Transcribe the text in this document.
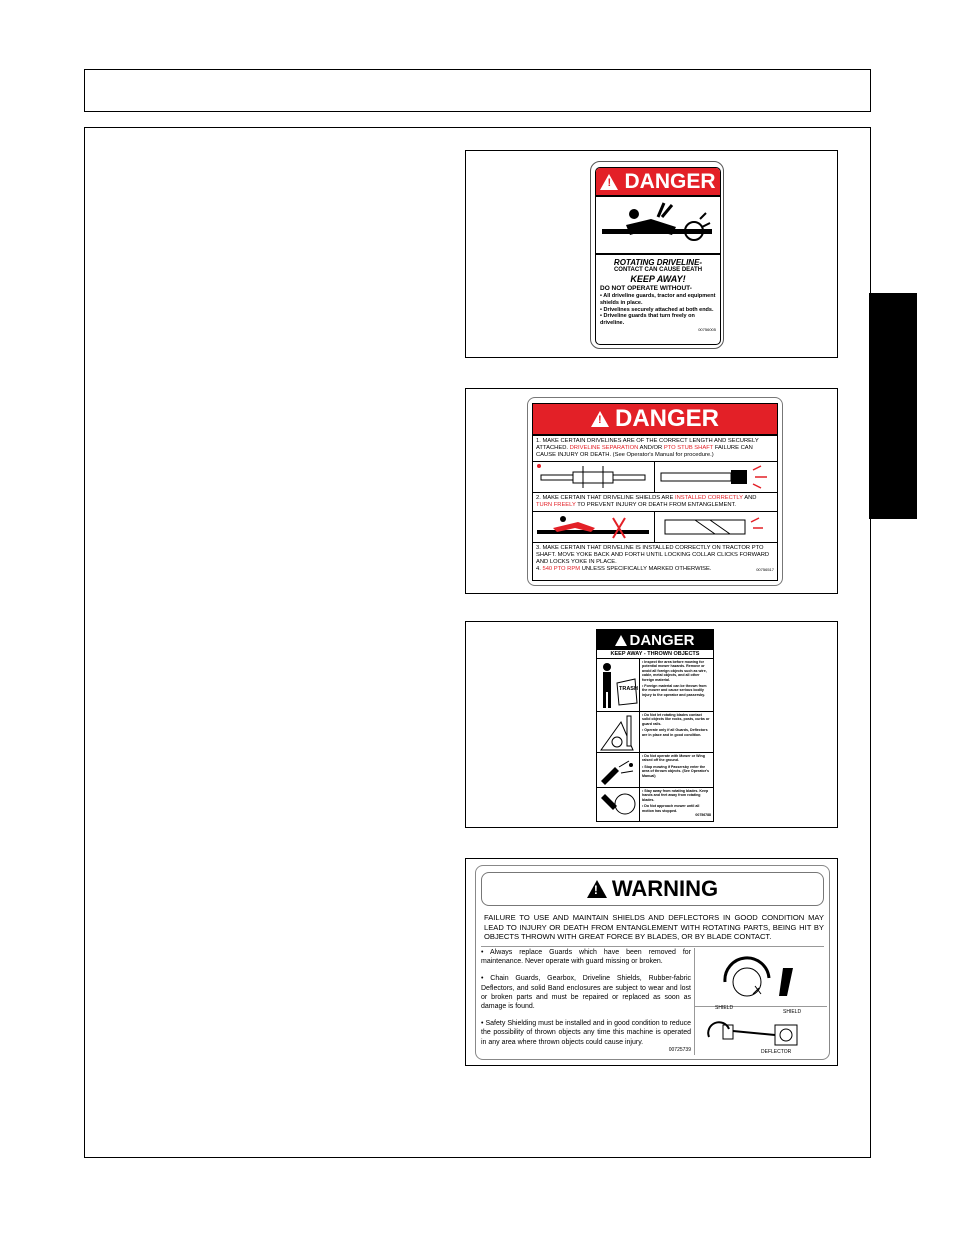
! DANGER
ROTATING DRIVELINE-
CONTACT CAN CAUSE DEATH
KEEP AWAY!
DO NOT OPERATE WITHOUT-
• All driveline guards, tractor and equipment shields in place.
• Drivelines securely attached at both ends.
• Driveline guards that turn freely on driveline.
00756005
! DANGER
1. MAKE CERTAIN DRIVELINES ARE OF THE CORRECT LENGTH AND SECURELY ATTACHED. DRIVELINE SEPARATION AND/OR PTO STUB SHAFT FAILURE CAN CAUSE INJURY OR DEATH. (See Operator's Manual for procedure.)
2. MAKE CERTAIN THAT DRIVELINE SHIELDS ARE INSTALLED CORRECTLY AND TURN FREELY TO PREVENT INJURY OR DEATH FROM ENTANGLEMENT.
3. MAKE CERTAIN THAT DRIVELINE IS INSTALLED CORRECTLY ON TRACTOR PTO SHAFT. MOVE YOKE BACK AND FORTH UNTIL LOCKING COLLAR CLICKS FORWARD AND LOCKS YOKE IN PLACE.
4. 540 PTO RPM UNLESS SPECIFICALLY MARKED OTHERWISE.	00756517
DANGER
KEEP AWAY - THROWN OBJECTS
TRASH
• Inspect the area before mowing for potential mower hazards. Remove or avoid all foreign objects such as wire, cable, metal objects, and all other foreign material.
• Foreign material can be thrown from the mower and cause serious bodily injury to the operator and passersby.
• Do Not let rotating blades contact solid objects like rocks, posts, curbs or guard rails.
• Operate only if all Guards, Deflectors are in place and in good condition.
• Do Not operate with Mower or Wing raised off the ground.
• Stop mowing if Passersby enter the area of thrown objects. (See Operator's Manual)
• Stay away from rotating blades. Keep hands and feet away from rotating blades.
• Do Not approach mower until all motion has stopped.
00756788
! WARNING
FAILURE TO USE AND MAINTAIN SHIELDS AND DEFLECTORS IN GOOD CONDITION MAY LEAD TO INJURY OR DEATH FROM ENTANGLEMENT WITH ROTATING PARTS, BEING HIT BY OBJECTS THROWN WITH GREAT FORCE BY BLADES, OR BY BLADE CONTACT.
• Always replace Guards which have been removed for maintenance. Never operate with guard missing or broken.
• Chain Guards, Gearbox, Driveline Shields, Rubber-fabric Deflectors, and solid Band enclosures are subject to wear and lost or broken parts and must be repaired or replaced as soon as damage is found.
• Safety Shielding must be installed and in good condition to reduce the possibility of thrown objects any time this machine is operated in any area where thrown objects could cause injury.
00725739
SHIELD
SHIELD
DEFLECTOR
